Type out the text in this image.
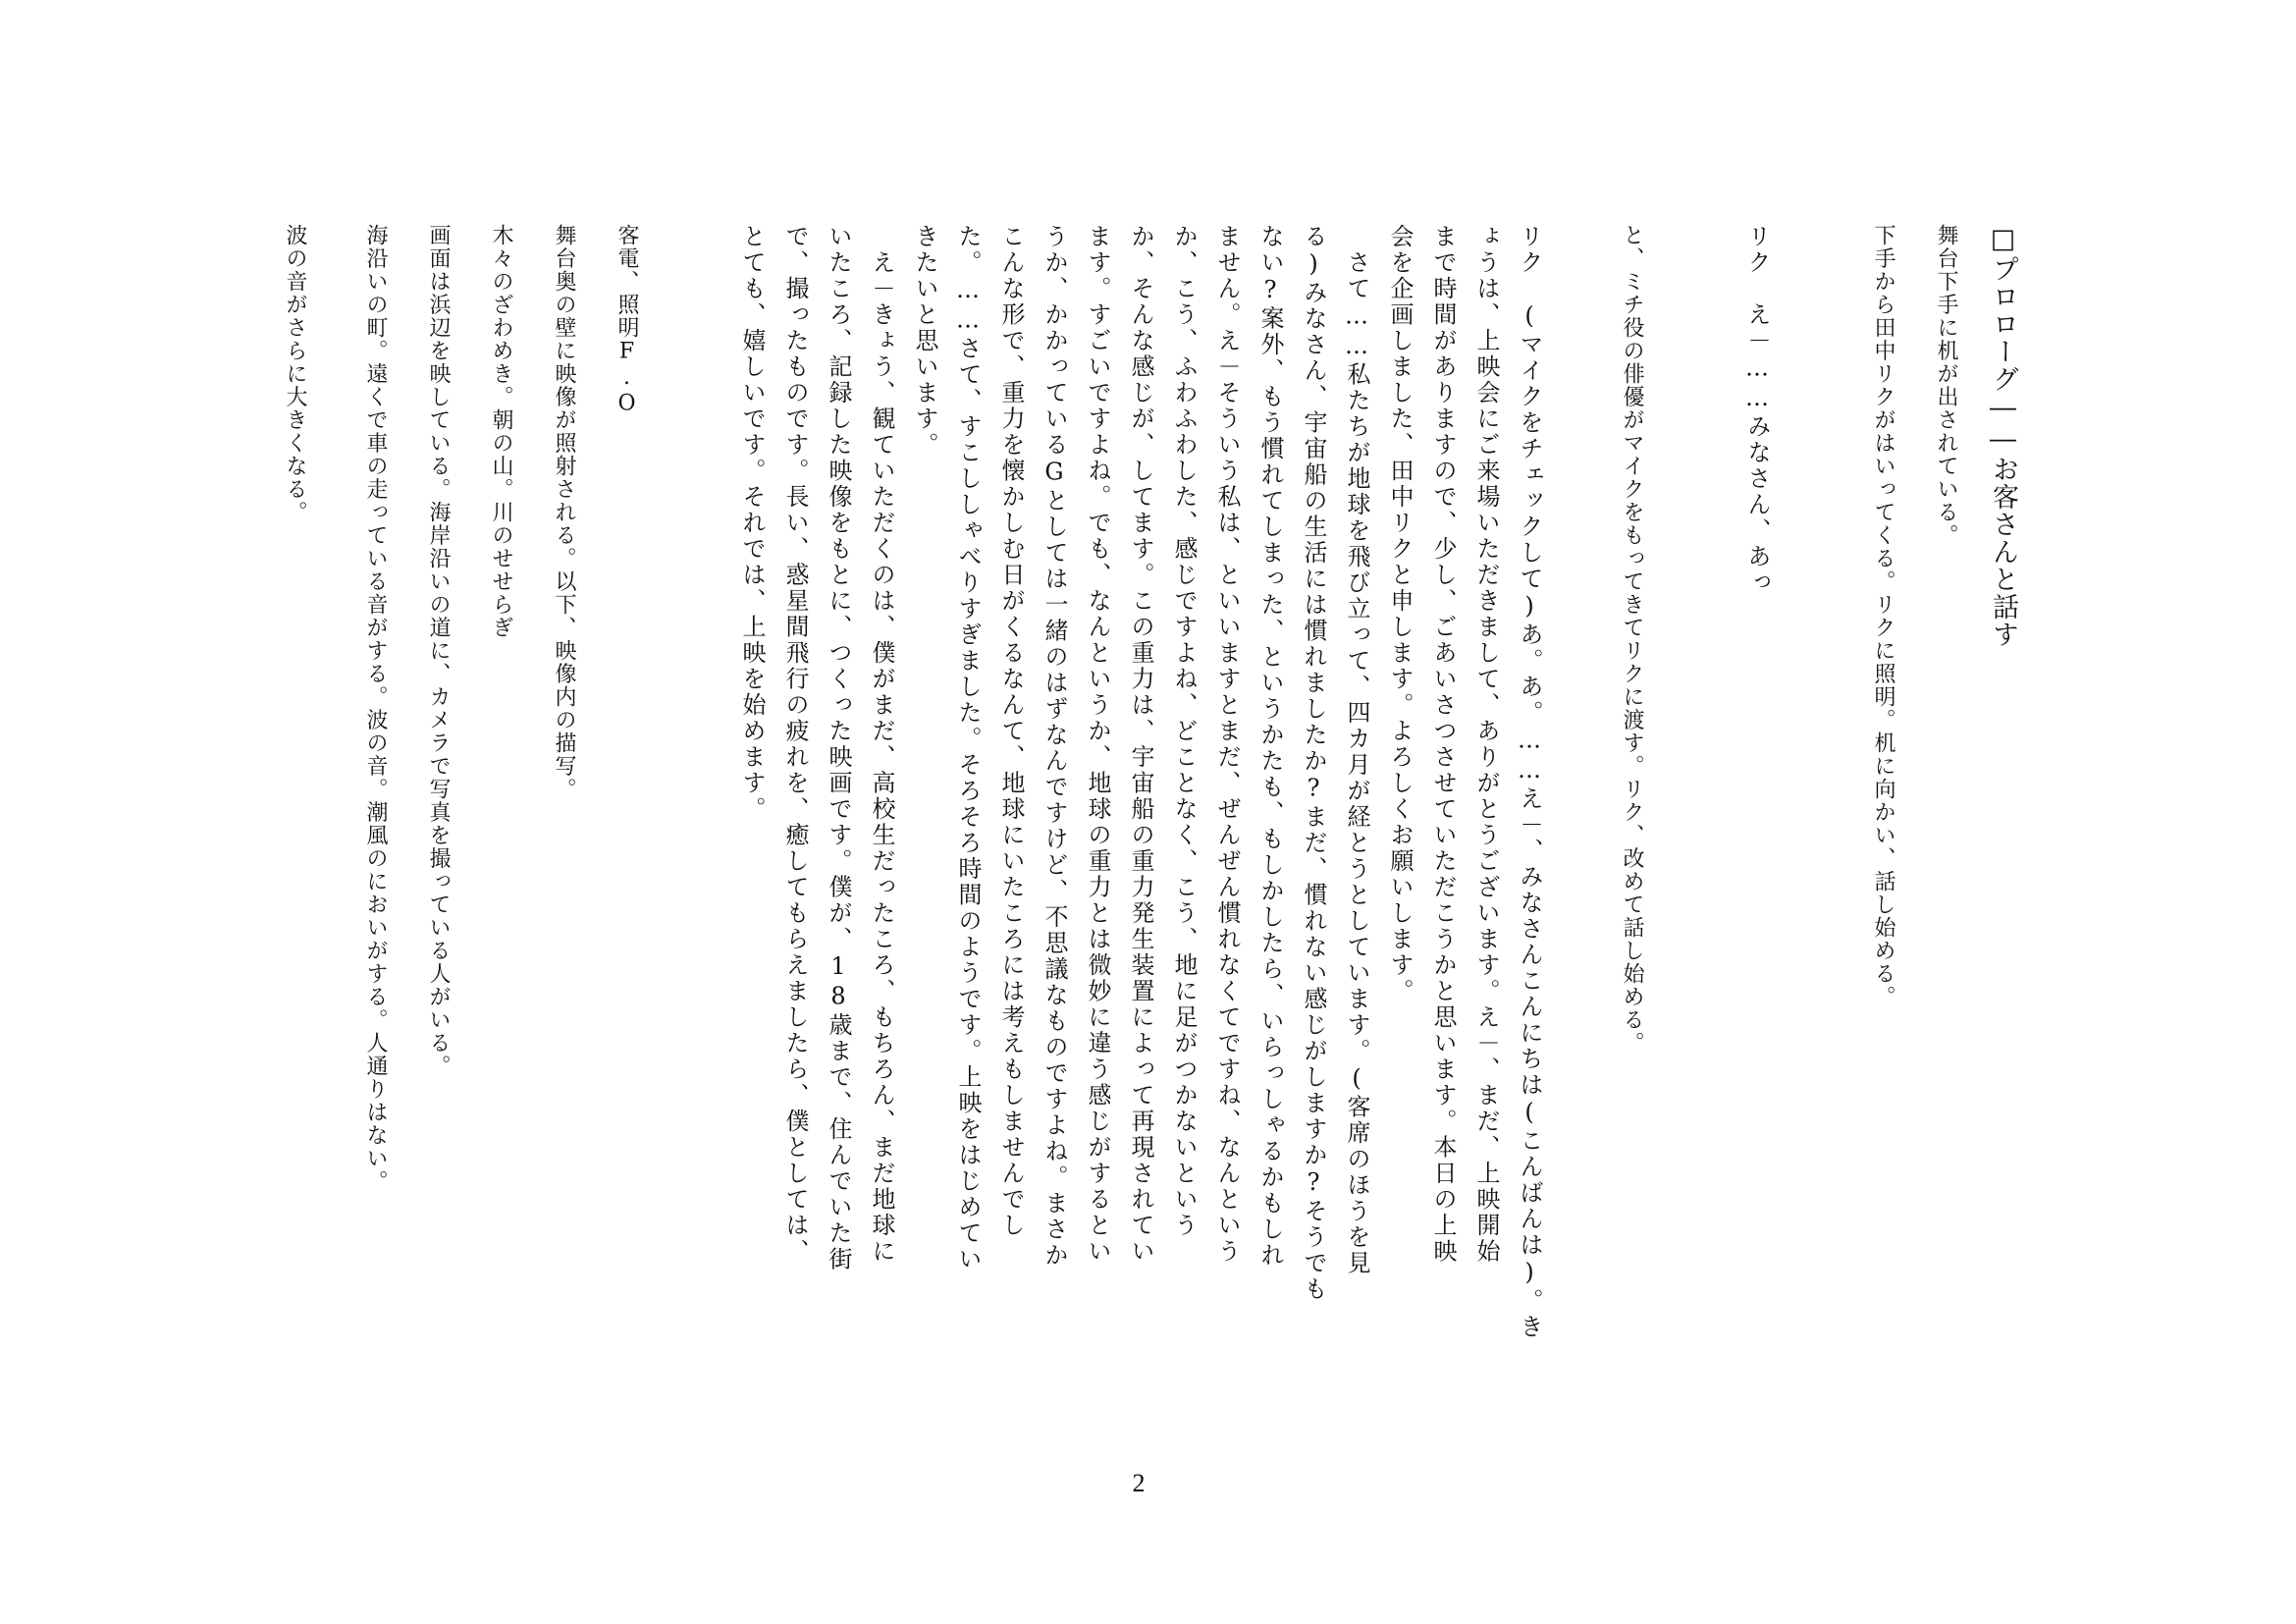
□プロローグ――お客さんと話す

舞台下手に机が出されている。

下手から田中リクがはいってくる。リクに照明。机に向かい、話し始める。

リク　え－……みなさん、あっ

と、ミチ役の俳優がマイクをもってきてリクに渡す。リク、改めて話し始める。

リク　(マイクをチェックして)あ。あ。……え－、みなさんこんにちは(こんばんは)。き

ょうは、上映会にご来場いただきまして、ありがとうございます。え－、まだ、上映開始

まで時間がありますので、少し、ごあいさつさせていただこうかと思います。本日の上映

会を企画しました、田中リクと申します。よろしくお願いします。

　さて……私たちが地球を飛び立って、四カ月が経とうとしています。(客席のほうを見

る)みなさん、宇宙船の生活には慣れましたか?まだ、慣れない感じがしますか?そうでも

ない?案外、もう慣れてしまった、というかたも、もしかしたら、いらっしゃるかもしれ

ません。え－そういう私は、といいますとまだ、ぜんぜん慣れなくてですね、なんという

か、こう、ふわふわした、感じですよね、どことなく、こう、地に足がつかないという

か、そんな感じが、してます。この重力は、宇宙船の重力発生装置によって再現されてい

ます。すごいですよね。でも、なんというか、地球の重力とは微妙に違う感じがするとい

うか、かかっているGとしては一緒のはずなんですけど、不思議なものですよね。まさか

こんな形で、重力を懐かしむ日がくるなんて、地球にいたころには考えもしませんでし

た。……さて、すこししゃべりすぎました。そろそろ時間のようです。上映をはじめてい

きたいと思います。

　え－きょう、観ていただくのは、僕がまだ、高校生だったころ、もちろん、まだ地球に

いたころ、記録した映像をもとに、つくった映画です。僕が、18歳まで、住んでいた街

で、撮ったものです。長い、惑星間飛行の疲れを、癒してもらえましたら、僕としては、

とても、嬉しいです。それでは、上映を始めます。

客電、照明F.O

舞台奥の壁に映像が照射される。以下、映像内の描写。

木々のざわめき。朝の山。川のせせらぎ

画面は浜辺を映している。海岸沿いの道に、カメラで写真を撮っている人がいる。

海沿いの町。遠くで車の走っている音がする。波の音。潮風のにおいがする。人通りはない。

波の音がさらに大きくなる。

2
